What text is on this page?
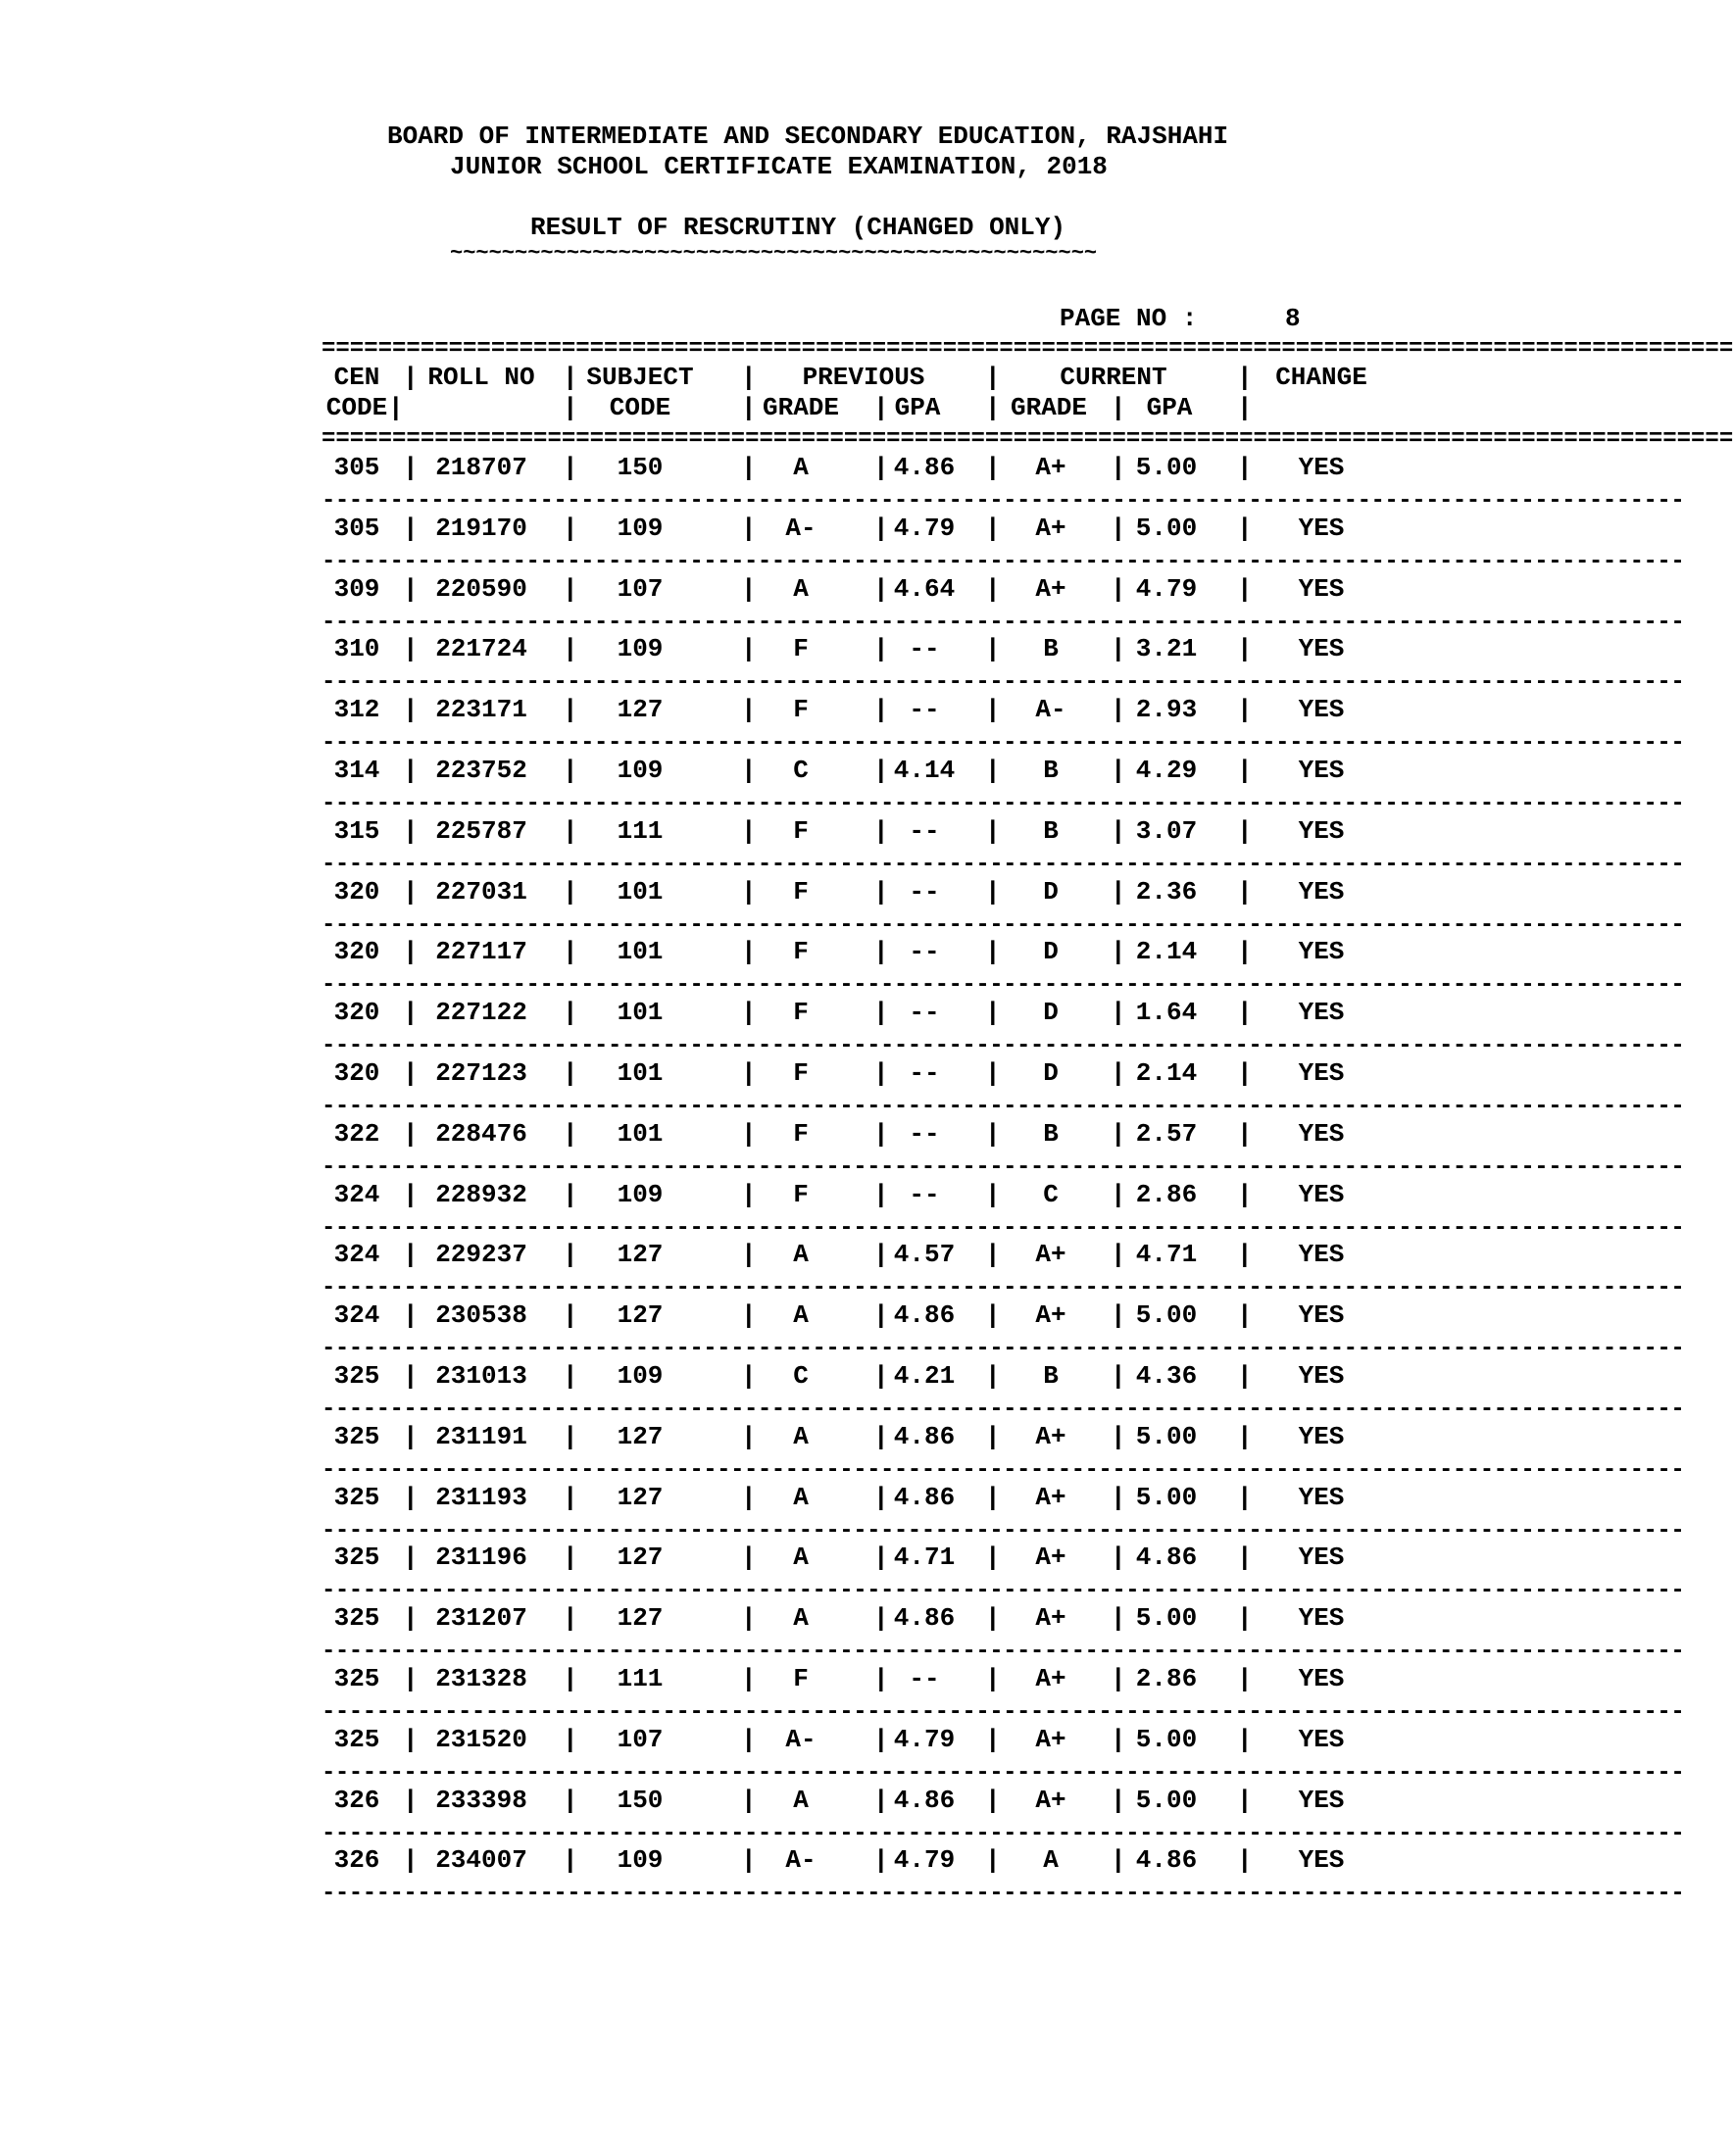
BOARD OF INTERMEDIATE AND SECONDARY EDUCATION, RAJSHAHI
JUNIOR SCHOOL CERTIFICATE EXAMINATION, 2018
RESULT OF RESCRUTINY (CHANGED ONLY)
~~~~~~~~~~~~~~~~~~~~~~~~~~~~~~~~~~~~~~~~~~~~~~~~~~
PAGE NO :	8
====================================================================================================
CEN | ROLL NO | SUBJECT |	PREVIOUS	|	CURRENT	| CHANGE
CODE |	|	CODE	| GRADE | GPA | GRADE | GPA	|
====================================================================================================
305 | 218707	|	150	|	A	| 4.86	|	A+	| 5.00	|	YES
----------------------------------------------------------------------------------------------------
305 | 219170	|	109	|	A-	| 4.79	|	A+	| 5.00	|	YES
----------------------------------------------------------------------------------------------------
309 | 220590	|	107	|	A	| 4.64	|	A+	| 4.79	|	YES
----------------------------------------------------------------------------------------------------
310 | 221724	|	109	|	F	| --	|	B	| 3.21	|	YES
----------------------------------------------------------------------------------------------------
312 | 223171	|	127	|	F	| --	|	A-	| 2.93	|	YES
----------------------------------------------------------------------------------------------------
314 | 223752	|	109	|	C	| 4.14	|	B	| 4.29	|	YES
----------------------------------------------------------------------------------------------------
315 | 225787	|	111	|	F	| --	|	B	| 3.07	|	YES
----------------------------------------------------------------------------------------------------
320 | 227031	|	101	|	F	| --	|	D	| 2.36	|	YES
----------------------------------------------------------------------------------------------------
320 | 227117	|	101	|	F	| --	|	D	| 2.14	|	YES
----------------------------------------------------------------------------------------------------
320 | 227122	|	101	|	F	| --	|	D	| 1.64	|	YES
----------------------------------------------------------------------------------------------------
320 | 227123	|	101	|	F	| --	|	D	| 2.14	|	YES
----------------------------------------------------------------------------------------------------
322 | 228476	|	101	|	F	| --	|	B	| 2.57	|	YES
----------------------------------------------------------------------------------------------------
324 | 228932	|	109	|	F	| --	|	C	| 2.86	|	YES
----------------------------------------------------------------------------------------------------
324 | 229237	|	127	|	A	| 4.57	|	A+	| 4.71	|	YES
----------------------------------------------------------------------------------------------------
324 | 230538	|	127	|	A	| 4.86	|	A+	| 5.00	|	YES
----------------------------------------------------------------------------------------------------
325 | 231013	|	109	|	C	| 4.21	|	B	| 4.36	|	YES
----------------------------------------------------------------------------------------------------
325 | 231191	|	127	|	A	| 4.86	|	A+	| 5.00	|	YES
----------------------------------------------------------------------------------------------------
325 | 231193	|	127	|	A	| 4.86	|	A+	| 5.00	|	YES
----------------------------------------------------------------------------------------------------
325 | 231196	|	127	|	A	| 4.71	|	A+	| 4.86	|	YES
----------------------------------------------------------------------------------------------------
325 | 231207	|	127	|	A	| 4.86	|	A+	| 5.00	|	YES
----------------------------------------------------------------------------------------------------
325 | 231328	|	111	|	F	| --	|	A+	| 2.86	|	YES
----------------------------------------------------------------------------------------------------
325 | 231520	|	107	|	A-	| 4.79	|	A+	| 5.00	|	YES
----------------------------------------------------------------------------------------------------
326 | 233398	|	150	|	A	| 4.86	|	A+	| 5.00	|	YES
----------------------------------------------------------------------------------------------------
326 | 234007	|	109	|	A-	| 4.79	|	A	| 4.86	|	YES
----------------------------------------------------------------------------------------------------
